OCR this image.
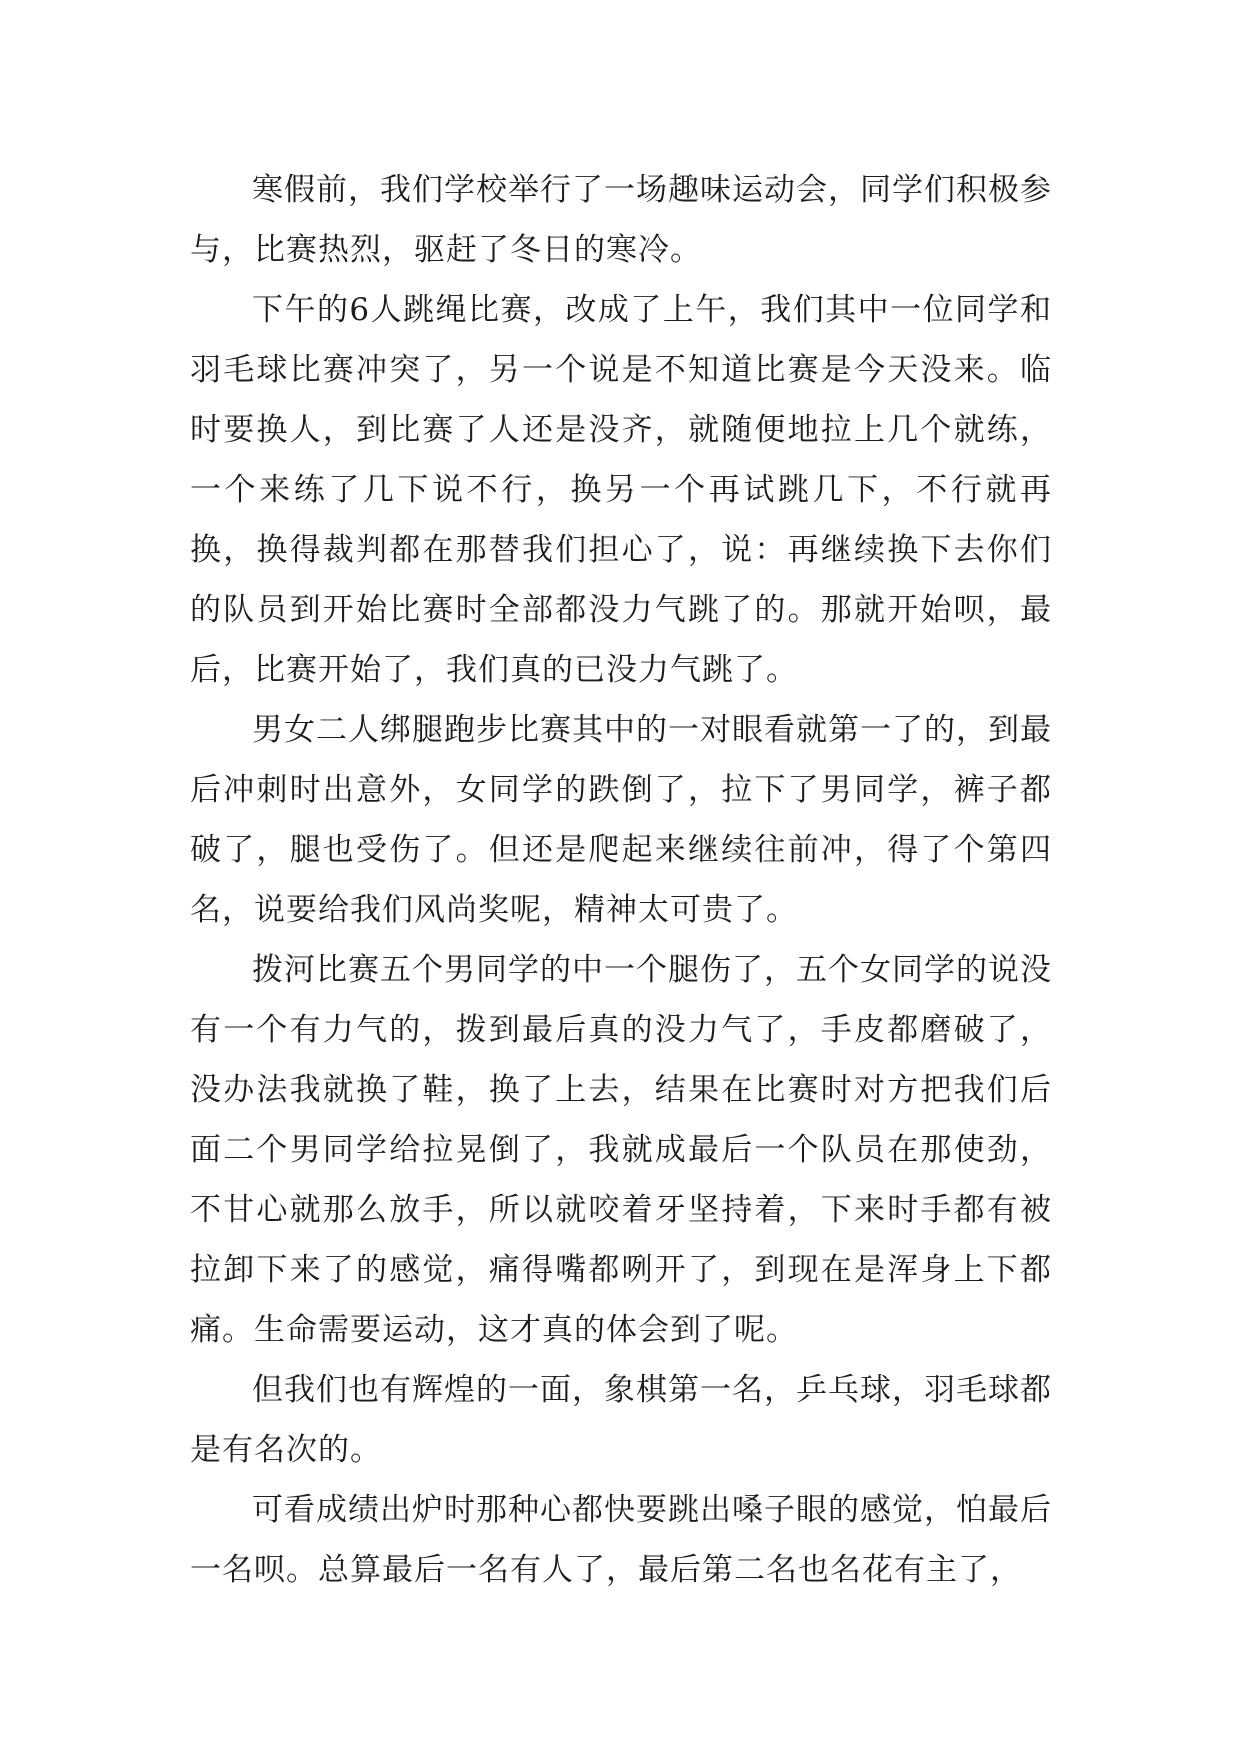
寒假前，我们学校举行了一场趣味运动会，同学们积极参与，比赛热烈，驱赶了冬日的寒冷。

下午的6人跳绳比赛，改成了上午，我们其中一位同学和羽毛球比赛冲突了，另一个说是不知道比赛是今天没来。临时要换人，到比赛了人还是没齐，就随便地拉上几个就练，一个来练了几下说不行，换另一个再试跳几下，不行就再换，换得裁判都在那替我们担心了，说：再继续换下去你们的队员到开始比赛时全部都没力气跳了的。那就开始呗，最后，比赛开始了，我们真的已没力气跳了。

男女二人绑腿跑步比赛其中的一对眼看就第一了的，到最后冲刺时出意外，女同学的跌倒了，拉下了男同学，裤子都破了，腿也受伤了。但还是爬起来继续往前冲，得了个第四名，说要给我们风尚奖呢，精神太可贵了。

拨河比赛五个男同学的中一个腿伤了，五个女同学的说没有一个有力气的，拨到最后真的没力气了，手皮都磨破了，没办法我就换了鞋，换了上去，结果在比赛时对方把我们后面二个男同学给拉晃倒了，我就成最后一个队员在那使劲，不甘心就那么放手，所以就咬着牙坚持着，下来时手都有被拉卸下来了的感觉，痛得嘴都咧开了，到现在是浑身上下都痛。生命需要运动，这才真的体会到了呢。

但我们也有辉煌的一面，象棋第一名，乒乓球，羽毛球都是有名次的。

可看成绩出炉时那种心都快要跳出嗓子眼的感觉，怕最后一名呗。总算最后一名有人了，最后第二名也名花有主了，
